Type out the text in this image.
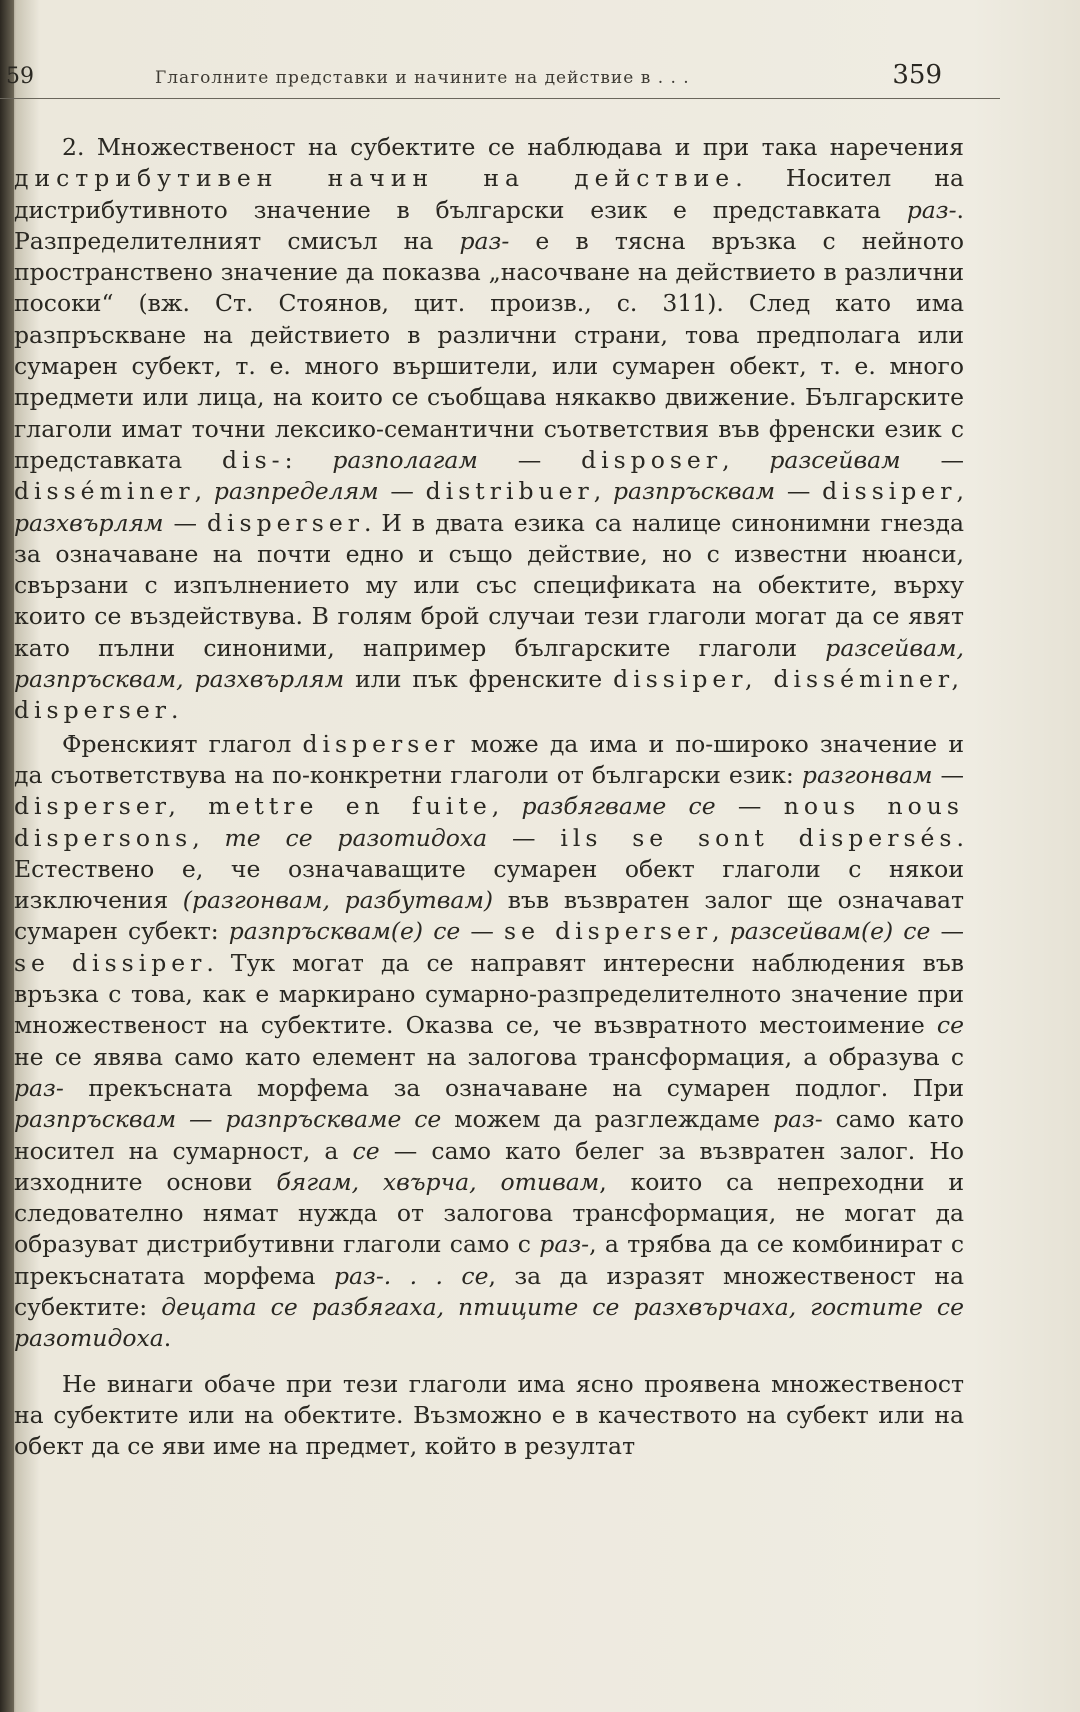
59	Глаголните представки и начините на действие в . . .	359

2. Множественост на субектите се наблюдава и при така наречения дистрибутивен начин на действие. Носител на дистрибутивното значение в български език е представката раз-. Разпределителният смисъл на раз- е в тясна връзка с нейното пространствено значение да показва „насочване на действието в различни посоки“ (вж. Ст. Стоянов, цит. произв., с. 311). След като има разпръскване на действието в различни страни, това предполага или сумарен субект, т. е. много вършители, или сумарен обект, т. е. много предмети или лица, на които се съобщава някакво движение. Българските глаголи имат точни лексико-семантични съответствия във френски език с представката dis-: разполагам — disposer, разсейвам — disséminer, разпределям — distribuer, разпръсквам — dissiper, разхвърлям — disperser. И в двата езика са налице синонимни гнезда за означаване на почти едно и също действие, но с известни нюанси, свързани с изпълнението му или със спецификата на обектите, върху които се въздействува. В голям брой случаи тези глаголи могат да се явят като пълни синоними, например българските глаголи разсейвам, разпръсквам, разхвърлям или пък френските dissiper, disséminer, disperser.

Френският глагол disperser може да има и по-широко значение и да съответствува на по-конкретни глаголи от български език: разгонвам — disperser, mettre en fuite, разбягваме се — nous nous dispersons, те се разотидоха — ils se sont dispersés. Естествено е, че означаващите сумарен обект глаголи с някои изключения (разгонвам, разбутвам) във възвратен залог ще означават сумарен субект: разпръсквам(е) се — se disperser, разсейвам(е) се — se dissiper. Тук могат да се направят интересни наблюдения във връзка с това, как е маркирано сумарно-разпределителното значение при множественост на субектите. Оказва се, че възвратното местоимение се не се явява само като елемент на залогова трансформация, а образува с раз- прекъсната морфема за означаване на сумарен подлог. При разпръсквам — разпръскваме се можем да разглеждаме раз- само като носител на сумарност, а се — само като белег за възвратен залог. Но изходните основи бягам, хвърча, отивам, които са непреходни и следователно нямат нужда от залогова трансформация, не могат да образуват дистрибутивни глаголи само с раз-, а трябва да се комбинират с прекъснатата морфема раз-. . . се, за да изразят множественост на субектите: децата се разбягаха, птиците се разхвърчаха, гостите се разотидоха.

Не винаги обаче при тези глаголи има ясно проявена множественост на субектите или на обектите. Възможно е в качеството на субект или на обект да се яви име на предмет, който в резултат
